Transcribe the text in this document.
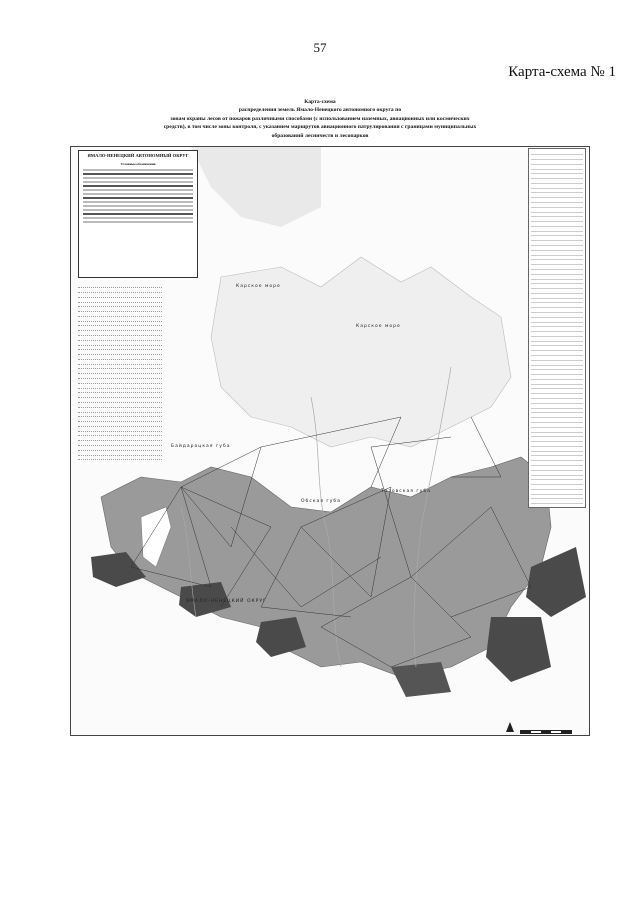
57
Карта-схема № 1
Карта-схема
распределения земель Ямало-Ненецкого автономного округа по
зонам охраны лесов от пожаров различными способами (с использованием наземных, авиационных или космических
средств), в том числе зоны контроля, с указанием маршрутов авиационного патрулирования с границами муниципальных
образований лесничеств и лесопарков
Карское море
Карское море
Байдарацкая губа
Обская губа
Тазовская губа
ЯМАЛО-НЕНЕЦКИЙ ОКРУГ
ЯМАЛО-НЕНЕЦКИЙ АВТОНОМНЫЙ ОКРУГ
Условные обозначения
